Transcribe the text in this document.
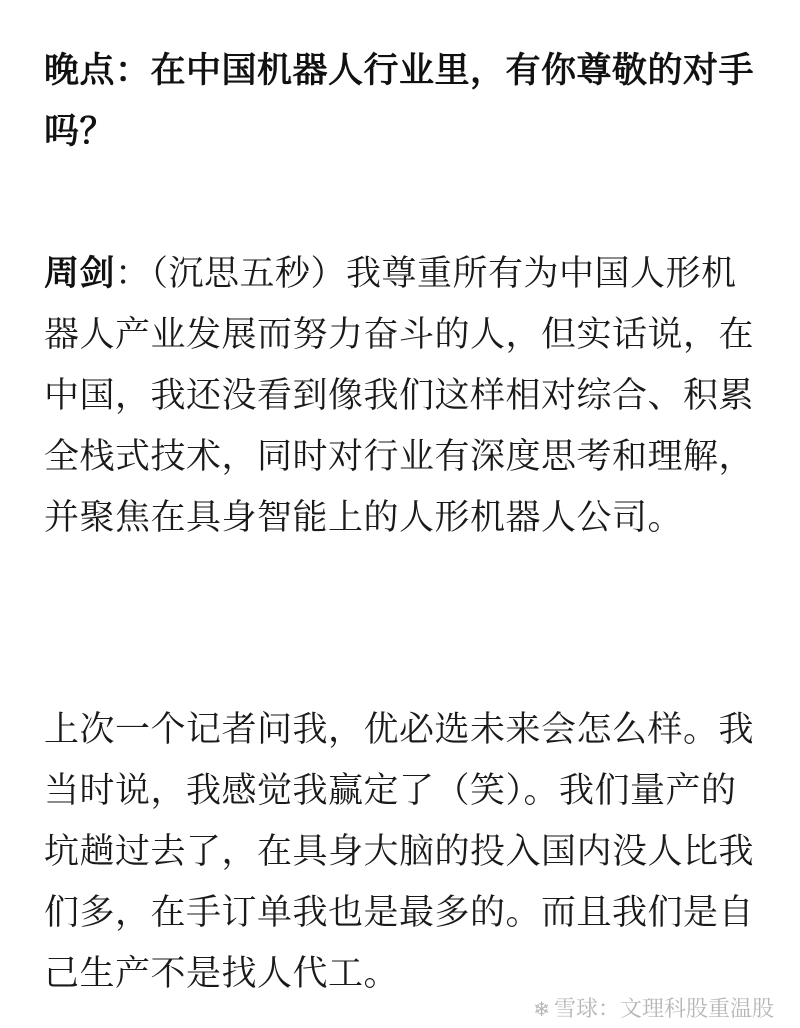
晚点：在中国机器人行业里，有你尊敬的对手吗？

周剑：（沉思五秒）我尊重所有为中国人形机器人产业发展而努力奋斗的人，但实话说，在中国，我还没看到像我们这样相对综合、积累全栈式技术，同时对行业有深度思考和理解，并聚焦在具身智能上的人形机器人公司。

上次一个记者问我，优必选未来会怎么样。我当时说，我感觉我赢定了（笑）。我们量产的坑趟过去了，在具身大脑的投入国内没人比我们多，在手订单我也是最多的。而且我们是自己生产不是找人代工。

❄ 雪球：文理科股重温股
